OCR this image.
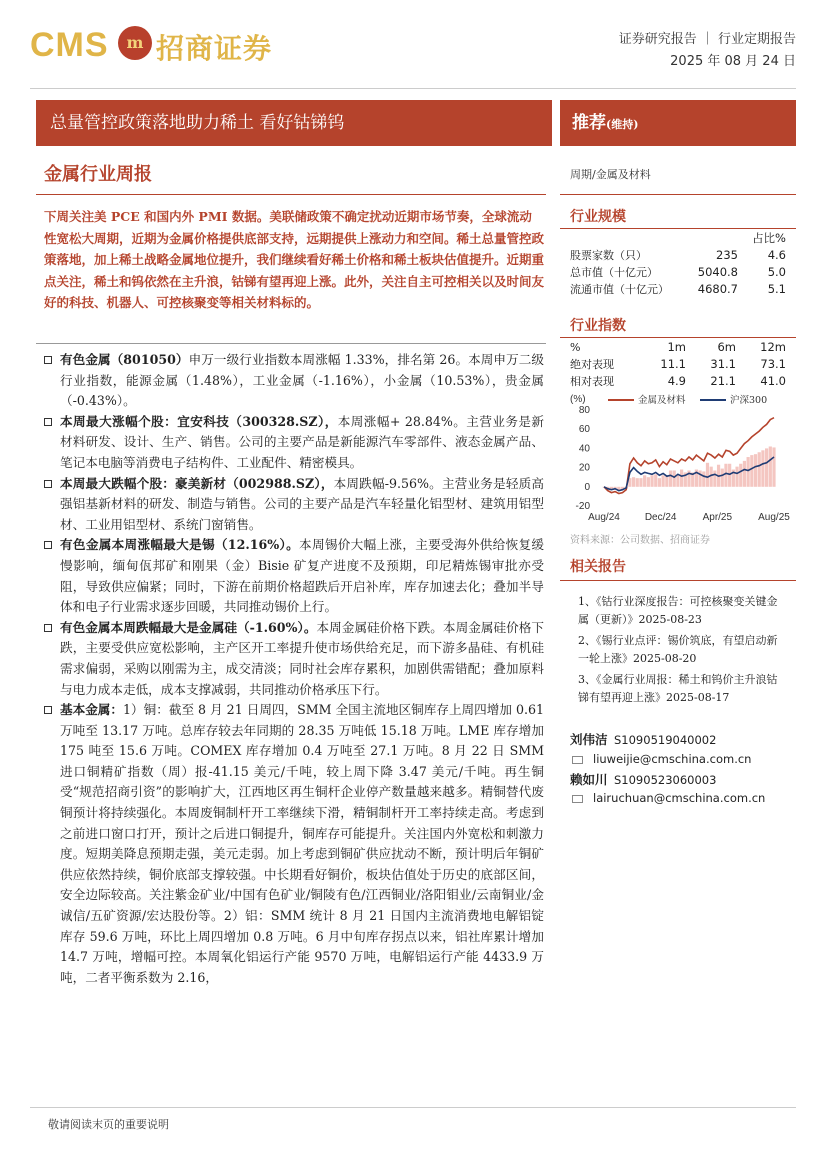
CMS	m 招商证券	证券研究报告 ｜ 行业定期报告
2025 年 08 月 24 日
总量管控政策落地助力稀土 看好钴锑钨	推荐(维持)
金属行业周报
下周关注美 PCE 和国内外 PMI 数据。美联储政策不确定扰动近期市场节奏，全球流动性宽松大周期，近期为金属价格提供底部支持，远期提供上涨动力和空间。稀土总量管控政策落地，加上稀土战略金属地位提升，我们继续看好稀土价格和稀土板块估值提升。近期重点关注，稀土和钨依然在主升浪，钴锑有望再迎上涨。此外，关注自主可控相关以及时间友好的科技、机器人、可控核聚变等相关材料标的。
有色金属（801050）申万一级行业指数本周涨幅 1.33%，排名第 26。本周申万二级行业指数，能源金属（1.48%），工业金属（-1.16%），小金属（10.53%），贵金属（-0.43%）。
本周最大涨幅个股：宜安科技（300328.SZ），本周涨幅+ 28.84%。主营业务是新材料研发、设计、生产、销售。公司的主要产品是新能源汽车零部件、液态金属产品、笔记本电脑等消费电子结构件、工业配件、精密模具。
本周最大跌幅个股：豪美新材（002988.SZ），本周跌幅-9.56%。主营业务是轻质高强铝基新材料的研发、制造与销售。公司的主要产品是汽车轻量化铝型材、建筑用铝型材、工业用铝型材、系统门窗销售。
有色金属本周涨幅最大是锡（12.16%）。本周锡价大幅上涨，主要受海外供给恢复缓慢影响，缅甸佤邦矿和刚果（金）Bisie 矿复产进度不及预期，印尼精炼锡审批亦受阻，导致供应偏紧；同时，下游在前期价格超跌后开启补库，库存加速去化；叠加半导体和电子行业需求逐步回暖，共同推动锡价上行。
有色金属本周跌幅最大是金属硅（-1.60%）。本周金属硅价格下跌。本周金属硅价格下跌，主要受供应宽松影响，主产区开工率提升使市场供给充足，而下游多晶硅、有机硅需求偏弱，采购以刚需为主，成交清淡；同时社会库存累积，加剧供需错配；叠加原料与电力成本走低，成本支撑减弱，共同推动价格承压下行。
基本金属：1）铜：截至 8 月 21 日周四，SMM 全国主流地区铜库存上周四增加 0.61 万吨至 13.17 万吨。总库存较去年同期的 28.35 万吨低 15.18 万吨。LME 库存增加 175 吨至 15.6 万吨。COMEX 库存增加 0.4 万吨至 27.1 万吨。8 月 22 日 SMM 进口铜精矿指数（周）报-41.15 美元/千吨，较上周下降 3.47 美元/千吨。再生铜受“规范招商引资”的影响扩大，江西地区再生铜杆企业停产数量越来越多。精铜替代废铜预计将持续强化。本周废铜制杆开工率继续下滑，精铜制杆开工率持续走高。考虑到之前进口窗口打开，预计之后进口铜提升，铜库存可能提升。关注国内外宽松和刺激力度。短期美降息预期走强，美元走弱。加上考虑到铜矿供应扰动不断，预计明后年铜矿供应依然持续，铜价底部支撑较强。中长期看好铜价，板块估值处于历史的底部区间，安全边际较高。关注紫金矿业/中国有色矿业/铜陵有色/江西铜业/洛阳钼业/云南铜业/金诚信/五矿资源/宏达股份等。2）铝：SMM 统计 8 月 21 日国内主流消费地电解铝锭库存 59.6 万吨，环比上周四增加 0.8 万吨。6 月中旬库存拐点以来，铝社库累计增加 14.7 万吨，增幅可控。本周氧化铝运行产能 9570 万吨，电解铝运行产能 4433.9 万吨，二者平衡系数为 2.16，
周期/金属及材料
行业规模
占比%
股票家数（只）	235	4.6
总市值（十亿元）	5040.8	5.0
流通市值（十亿元）	4680.7	5.1
行业指数
%	1m	6m	12m
绝对表现	11.1	31.1	73.1
相对表现	4.9	21.1	41.0
80
60
40
20
0
-20
(%)
Aug/24 Dec/24	Apr/25	Aug/25
金属及材料	沪深300
资料来源：公司数据、招商证券
相关报告
1、《钴行业深度报告：可控核聚变关键金属（更新）》2025-08-23
2、《锡行业点评：锡价筑底，有望启动新一轮上涨》2025-08-20
3、《金属行业周报：稀土和钨价主升浪钴锑有望再迎上涨》2025-08-17
刘伟洁 S1090519040002
liuweijie@cmschina.com.cn
赖如川 S1090523060003
lairuchuan@cmschina.com.cn
敬请阅读末页的重要说明
